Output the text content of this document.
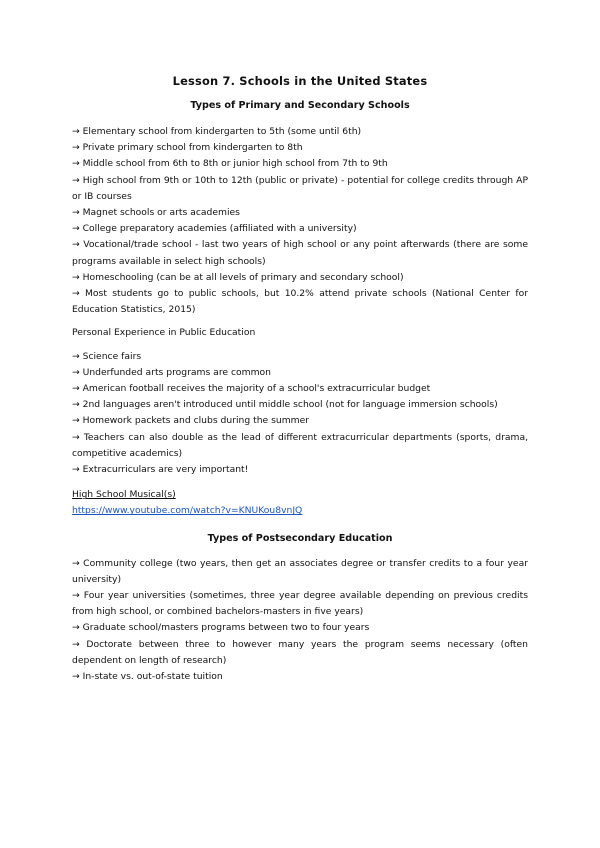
Lesson 7. Schools in the United States
Types of Primary and Secondary Schools

→ Elementary school from kindergarten to 5th (some until 6th)

→ Private primary school from kindergarten to 8th

→ Middle school from 6th to 8th or junior high school from 7th to 9th

→ High school from 9th or 10th to 12th (public or private) - potential for college credits through AP or IB courses

→ Magnet schools or arts academies

→ College preparatory academies (affiliated with a university)

→ Vocational/trade school - last two years of high school or any point afterwards (there are some programs available in select high schools)

→ Homeschooling (can be at all levels of primary and secondary school)

→ Most students go to public schools, but 10.2% attend private schools (National Center for Education Statistics, 2015)

Personal Experience in Public Education

→ Science fairs

→ Underfunded arts programs are common

→ American football receives the majority of a school's extracurricular budget

→ 2nd languages aren't introduced until middle school (not for language immersion schools)

→ Homework packets and clubs during the summer

→ Teachers can also double as the lead of different extracurricular departments (sports, drama, competitive academics)

→ Extracurriculars are very important!

High School Musical(s)

https://www.youtube.com/watch?v=KNUKou8vnJQ

Types of Postsecondary Education

→ Community college (two years, then get an associates degree or transfer credits to a four year university)

→ Four year universities (sometimes, three year degree available depending on previous credits from high school, or combined bachelors-masters in five years)

→ Graduate school/masters programs between two to four years

→ Doctorate between three to however many years the program seems necessary (often dependent on length of research)

→ In-state vs. out-of-state tuition
